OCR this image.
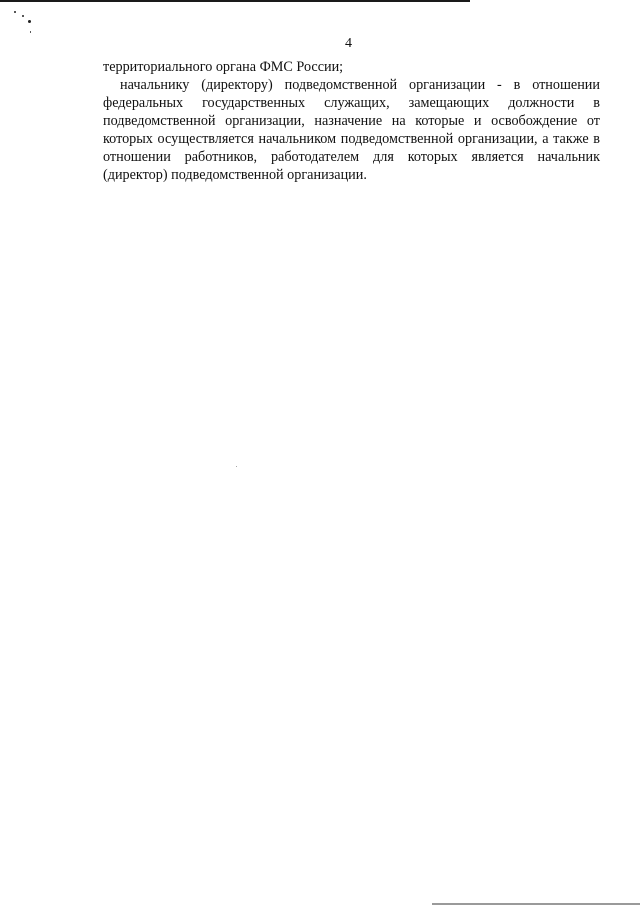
4

территориального органа ФМС России;

начальнику (директору) подведомственной организации - в отношении федеральных государственных служащих, замещающих должности в подведомственной организации, назначение на которые и освобождение от которых осуществляется начальником подведомственной организации, а также в отношении работников, работодателем для которых является начальник (директор) подведомственной организации.
